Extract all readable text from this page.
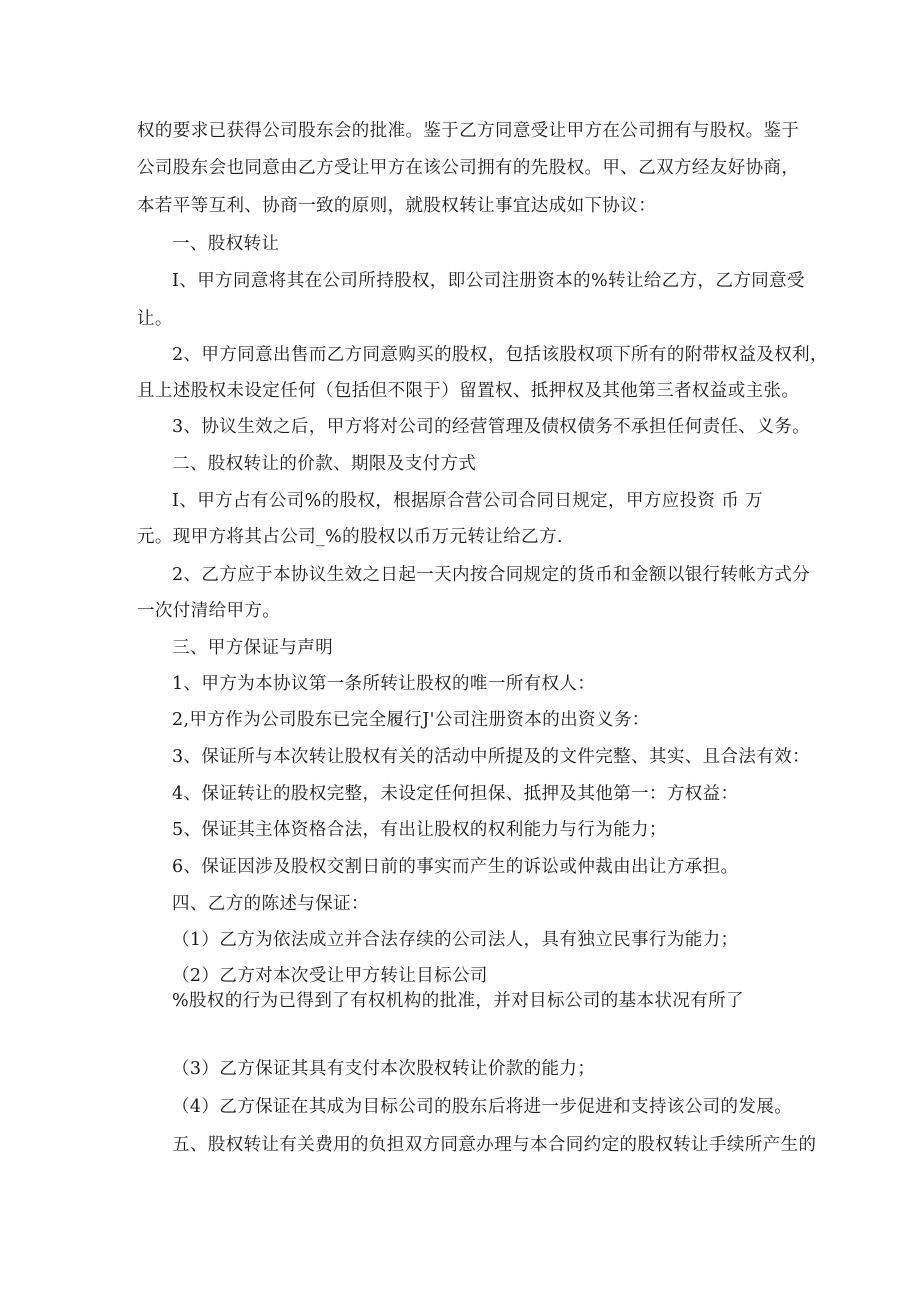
权的要求已获得公司股东会的批准。鉴于乙方同意受让甲方在公司拥有与股权。鉴于
公司股东会也同意由乙方受让甲方在该公司拥有的先股权。甲、乙双方经友好协商，
本若平等互利、协商一致的原则，就股权转让事宜达成如下协议：
一、股权转让
I、甲方同意将其在公司所持股权，即公司注册资本的%转让给乙方，乙方同意受
让。
2、甲方同意出售而乙方同意购买的股权，包括该股权项下所有的附带权益及权利，
且上述股权未设定任何（包括但不限于）留置权、抵押权及其他第三者权益或主张。
3、协议生效之后，甲方将对公司的经营管理及债权债务不承担任何责任、义务。
二、股权转让的价款、期限及支付方式
I、甲方占有公司%的股权，根据原合营公司合同日规定，甲方应投资 币 万
元。现甲方将其占公司_%的股权以币万元转让给乙方.
2、乙方应于本协议生效之日起一天内按合同规定的货币和金额以银行转帐方式分
一次付清给甲方。
三、甲方保证与声明
1、甲方为本协议第一条所转让股权的唯一所有权人：
2,甲方作为公司股东已完全履行J'公司注册资本的出资义务：
3、保证所与本次转让股权有关的活动中所提及的文件完整、其实、且合法有效：
4、保证转让的股权完整，未设定任何担保、抵押及其他第一：方权益：
5、保证其主体资格合法，有出让股权的权利能力与行为能力；
6、保证因涉及股权交割日前的事实而产生的诉讼或仲裁由出让方承担。
四、乙方的陈述与保证：
（1）乙方为依法成立并合法存续的公司法人，具有独立民事行为能力；
（2）乙方对本次受让甲方转让目标公司
%股权的行为已得到了有权机构的批准，并对目标公司的基本状况有所了
（3）乙方保证其具有支付本次股权转让价款的能力；
（4）乙方保证在其成为目标公司的股东后将进一步促进和支持该公司的发展。
五、股权转让有关费用的负担双方同意办理与本合同约定的股权转让手续所产生的
